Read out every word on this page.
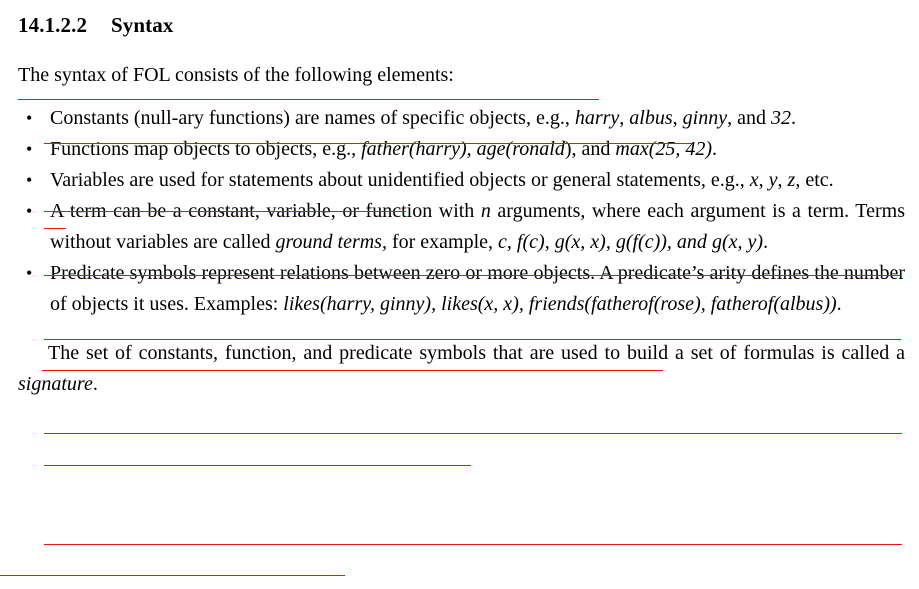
14.1.2.2 Syntax

The syntax of FOL consists of the following elements:

• Constants (null-ary functions) are names of specific objects, e.g., harry, albus, ginny, and 32.
• Functions map objects to objects, e.g., father(harry), age(ronald), and max(25, 42).
• Variables are used for statements about unidentified objects or general statements, e.g., x, y, z, etc.
• A term can be a constant, variable, or function with n arguments, where each argument is a term. Terms without variables are called ground terms, for example, c, f(c), g(x, x), g(f(c)), and g(x, y).
• Predicate symbols represent relations between zero or more objects. A predicate’s arity defines the number of objects it uses. Examples: likes(harry, ginny), likes(x, x), friends(fatherof(rose), fatherof(albus)).

The set of constants, function, and predicate symbols that are used to build a set of formulas is called a signature.
